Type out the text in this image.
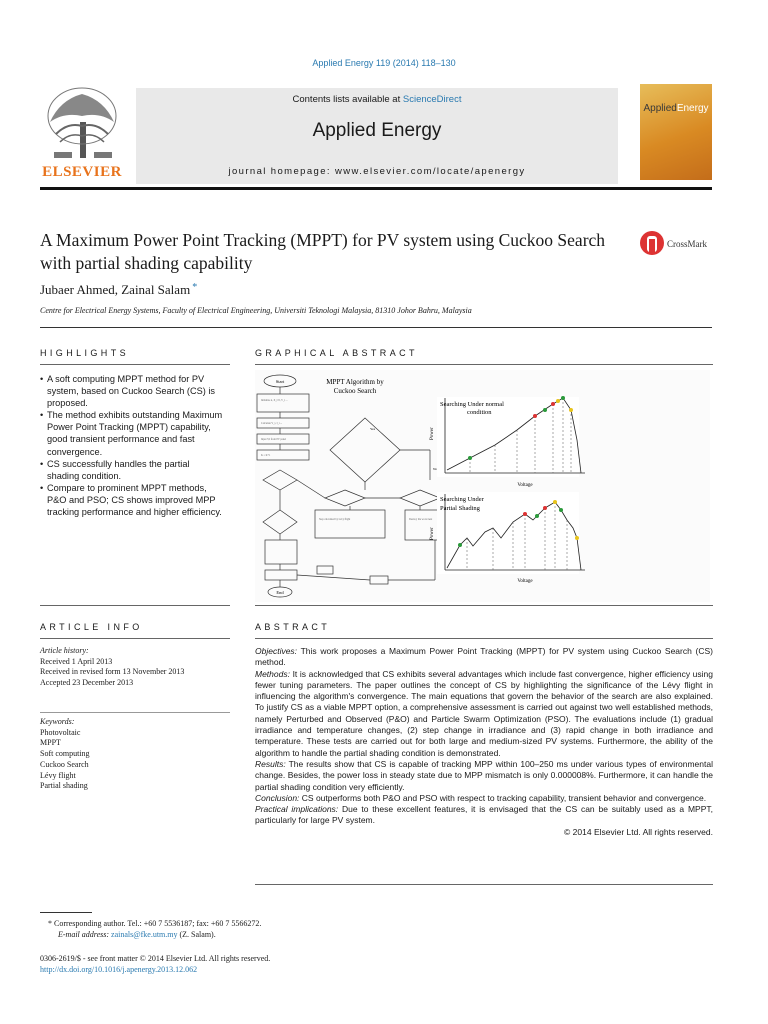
Applied Energy 119 (2014) 118–130
ELSEVIER
Contents lists available at ScienceDirect
Applied Energy
journal homepage: www.elsevier.com/locate/apenergy
AppliedEnergy
A Maximum Power Point Tracking (MPPT) for PV system using Cuckoo Search with partial shading capability
CrossMark
Jubaer Ahmed, Zainal Salam *
Centre for Electrical Energy Systems, Faculty of Electrical Engineering, Universiti Teknologi Malaysia, 81310 Johor Bahru, Malaysia
HIGHLIGHTS	GRAPHICAL ABSTRACT
• A soft computing MPPT method for PV system, based on Cuckoo Search (CS) is proposed.
• The method exhibits outstanding Maximum Power Point Tracking (MPPT) capability, good transient performance and fast convergence.
• CS successfully handles the partial shading condition.
• Compare to prominent MPPT methods, P&O and PSO; CS shows improved MPP tracking performance and higher efficiency.
Start
End
MPPT Algorithm by
Cuckoo Search
Yes
No
Initialize n, X_i^0, V_i ...
Calculate V_i, I_i ...
Input V,I from PV panel
K = K+1
Step calculated by Lévy flight	Destroy the worst nest
Searching Under normal
condition
Voltage
Power
Searching Under
Partial Shading
Voltage
Power
ARTICLE INFO	ABSTRACT
Article history:
Received 1 April 2013
Received in revised form 13 November 2013
Accepted 23 December 2013
Keywords:
Photovoltaic
MPPT
Soft computing
Cuckoo Search
Lévy flight
Partial shading

Objectives: This work proposes a Maximum Power Point Tracking (MPPT) for PV system using Cuckoo Search (CS) method.

Methods: It is acknowledged that CS exhibits several advantages which include fast convergence, higher efficiency using fewer tuning parameters. The paper outlines the concept of CS by highlighting the significance of the Lévy flight in influencing the algorithm's convergence. The main equations that govern the behavior of the search are also explained. To justify CS as a viable MPPT option, a comprehensive assessment is carried out against two well established methods, namely Perturbed and Observed (P&O) and Particle Swarm Optimization (PSO). The evaluations include (1) gradual irradiance and temperature changes, (2) step change in irradiance and (3) rapid change in both irradiance and temperature. These tests are carried out for both large and medium-sized PV systems. Furthermore, the ability of the algorithm to handle the partial shading condition is demonstrated.

Results: The results show that CS is capable of tracking MPP within 100–250 ms under various types of environmental change. Besides, the power loss in steady state due to MPP mismatch is only 0.000008%. Furthermore, it can handle the partial shading condition very efficiently.

Conclusion: CS outperforms both P&O and PSO with respect to tracking capability, transient behavior and convergence.

Practical implications: Due to these excellent features, it is envisaged that the CS can be suitably used as a MPPT, particularly for large PV system.

© 2014 Elsevier Ltd. All rights reserved.

* Corresponding author. Tel.: +60 7 5536187; fax: +60 7 5566272.
E-mail address: zainals@fke.utm.my (Z. Salam).
0306-2619/$ - see front matter © 2014 Elsevier Ltd. All rights reserved.
http://dx.doi.org/10.1016/j.apenergy.2013.12.062
